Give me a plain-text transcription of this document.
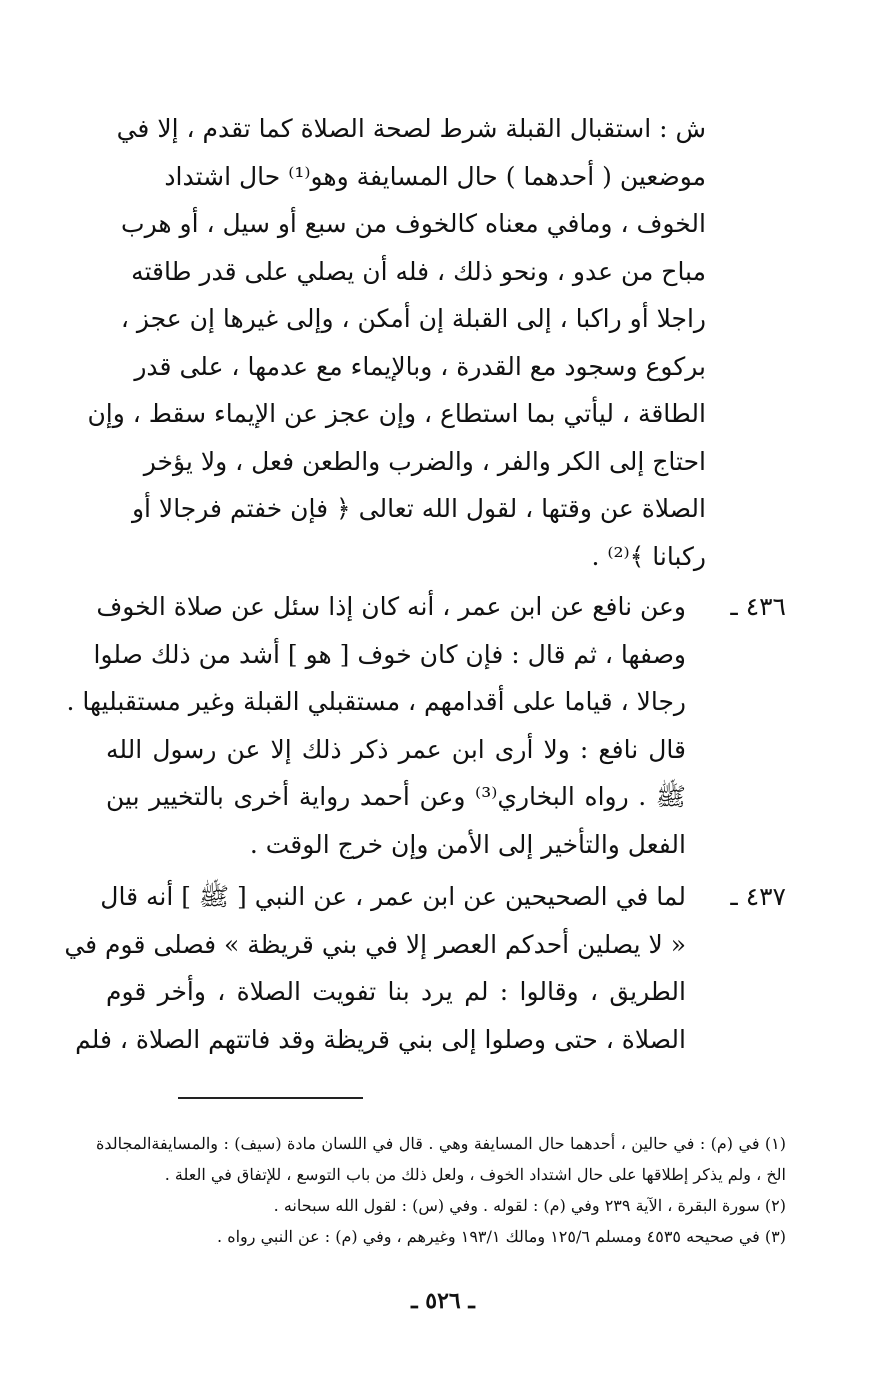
ش : استقبال القبلة شرط لصحة الصلاة كما تقدم ، إلا في
موضعين ( أحدهما ) حال المسايفة وهو⁽¹⁾ حال اشتداد
الخوف ، ومافي معناه كالخوف من سبع أو سيل ، أو هرب
مباح من عدو ، ونحو ذلك ، فله أن يصلي على قدر طاقته
راجلا أو راكبا ، إلى القبلة إن أمكن ، وإلى غيرها إن عجز ،
بركوع وسجود مع القدرة ، وبالإيماء مع عدمها ، على قدر
الطاقة ، ليأتي بما استطاع ، وإن عجز عن الإيماء سقط ، وإن
احتاج إلى الكر والفر ، والضرب والطعن فعل ، ولا يؤخر
الصلاة عن وقتها ، لقول الله تعالى ﴿ فإن خفتم فرجالا أو
ركبانا ﴾⁽²⁾ .
٤٣٦ ـ
وعن نافع عن ابن عمر ، أنه كان إذا سئل عن صلاة الخوف
وصفها ، ثم قال : فإن كان خوف [ هو ] أشد من ذلك صلوا
رجالا ، قياما على أقدامهم ، مستقبلي القبلة وغير مستقبليها .
قال نافع : ولا أرى ابن عمر ذكر ذلك إلا عن رسول الله
ﷺ . رواه البخاري⁽³⁾ وعن أحمد رواية أخرى بالتخيير بين
الفعل والتأخير إلى الأمن وإن خرج الوقت .
٤٣٧ ـ
لما في الصحيحين عن ابن عمر ، عن النبي [ ﷺ ] أنه قال
« لا يصلين أحدكم العصر إلا في بني قريظة » فصلى قوم في
الطريق ، وقالوا : لم يرد بنا تفويت الصلاة ، وأخر قوم
الصلاة ، حتى وصلوا إلى بني قريظة وقد فاتتهم الصلاة ، فلم
(١) في (م) : في حالين ، أحدهما حال المسايفة وهي . قال في اللسان مادة (سيف) : والمسايفةالمجالدة
الخ ، ولم يذكر إطلاقها على حال اشتداد الخوف ، ولعل ذلك من باب التوسع ، للإتفاق في العلة .
(٢) سورة البقرة ، الآية ٢٣٩ وفي (م) : لقوله . وفي (س) : لقول الله سبحانه .
(٣) في صحيحه ٤٥٣٥ ومسلم ١٢٥/٦ ومالك ١٩٣/١ وغيرهم ، وفي (م) : عن النبي رواه .
ـ ٥٢٦ ـ
